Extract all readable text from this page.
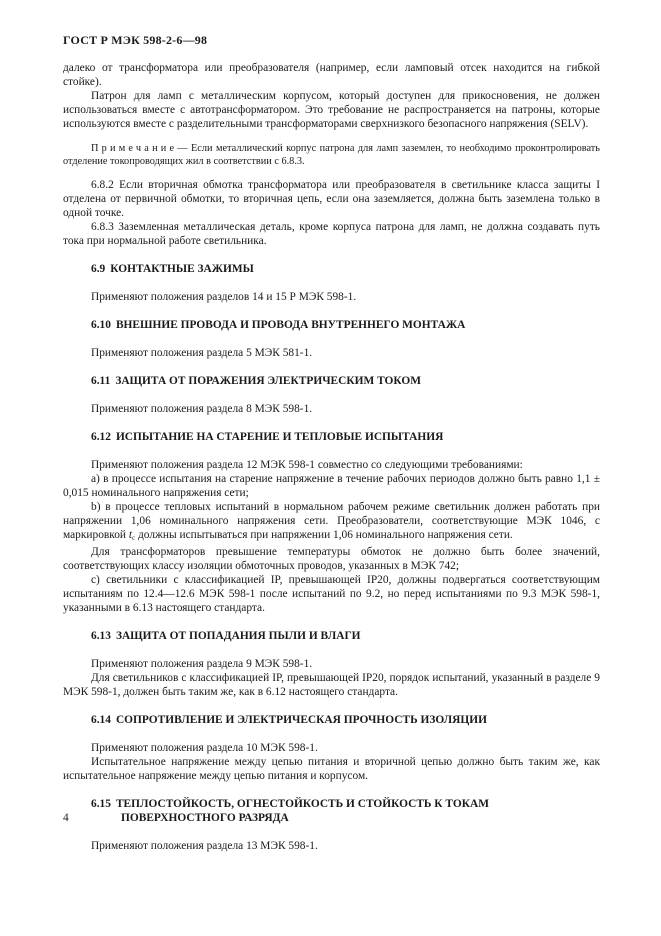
ГОСТ Р МЭК 598-2-6—98

далеко от трансформатора или преобразователя (например, если ламповый отсек находится на гибкой стойке).

Патрон для ламп с металлическим корпусом, который доступен для прикосновения, не должен использоваться вместе с автотрансформатором. Это требование не распространяется на патроны, которые используются вместе с разделительными трансформаторами сверхнизкого безопасного напряжения (SELV).

Примечание— Если металлический корпус патрона для ламп заземлен, то необходимо проконтролировать отделение токопроводящих жил в соответствии с 6.8.3.

6.8.2 Если вторичная обмотка трансформатора или преобразователя в светильнике класса защиты I отделена от первичной обмотки, то вторичная цепь, если она заземляется, должна быть заземлена только в одной точке.

6.8.3 Заземленная металлическая деталь, кроме корпуса патрона для ламп, не должна создавать путь тока при нормальной работе светильника.

6.9 КОНТАКТНЫЕ ЗАЖИМЫ

Применяют положения разделов 14 и 15 Р МЭК 598-1.

6.10 ВНЕШНИЕ ПРОВОДА И ПРОВОДА ВНУТРЕННЕГО МОНТАЖА

Применяют положения раздела 5 МЭК 581-1.

6.11 ЗАЩИТА ОТ ПОРАЖЕНИЯ ЭЛЕКТРИЧЕСКИМ ТОКОМ

Применяют положения раздела 8 МЭК 598-1.

6.12 ИСПЫТАНИЕ НА СТАРЕНИЕ И ТЕПЛОВЫЕ ИСПЫТАНИЯ

Применяют положения раздела 12 МЭК 598-1 совместно со следующими требованиями:

а) в процессе испытания на старение напряжение в течение рабочих периодов должно быть равно 1,1 ± 0,015 номинального напряжения сети;

b) в процессе тепловых испытаний в нормальном рабочем режиме светильник должен работать при напряжении 1,06 номинального напряжения сети. Преобразователи, соответствующие МЭК 1046, с маркировкой $t_c$ должны испытываться при напряжении 1,06 номинального напряжения сети.

Для трансформаторов превышение температуры обмоток не должно быть более значений, соответствующих классу изоляции обмоточных проводов, указанных в МЭК 742;

с) светильники с классификацией IP, превышающей IP20, должны подвергаться соответствующим испытаниям по 12.4—12.6 МЭК 598-1 после испытаний по 9.2, но перед испытаниями по 9.3 МЭК 598-1, указанными в 6.13 настоящего стандарта.

6.13 ЗАЩИТА ОТ ПОПАДАНИЯ ПЫЛИ И ВЛАГИ

Применяют положения раздела 9 МЭК 598-1.

Для светильников с классификацией IP, превышающей IP20, порядок испытаний, указанный в разделе 9 МЭК 598-1, должен быть таким же, как в 6.12 настоящего стандарта.

6.14 СОПРОТИВЛЕНИЕ И ЭЛЕКТРИЧЕСКАЯ ПРОЧНОСТЬ ИЗОЛЯЦИИ

Применяют положения раздела 10 МЭК 598-1.

Испытательное напряжение между цепью питания и вторичной цепью должно быть таким же, как испытательное напряжение между цепью питания и корпусом.

6.15 ТЕПЛОСТОЙКОСТЬ, ОГНЕСТОЙКОСТЬ И СТОЙКОСТЬ К ТОКАМ
ПОВЕРХНОСТНОГО РАЗРЯДА

Применяют положения раздела 13 МЭК 598-1.

4
